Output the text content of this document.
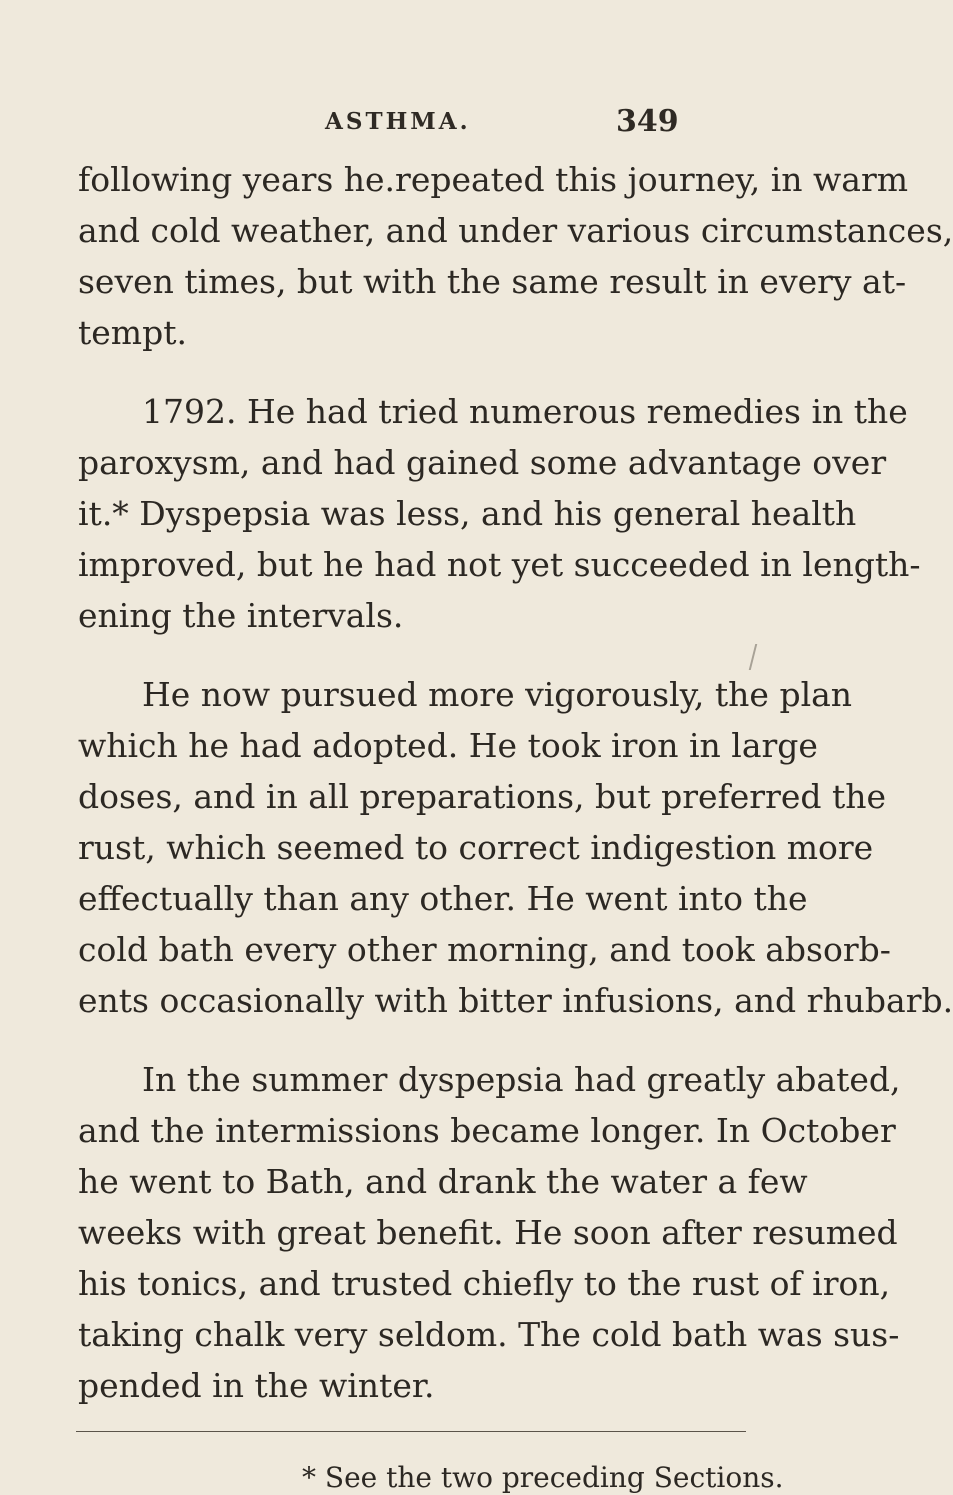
ASTHMA.	349
following years he.repeated this journey, in warm
and cold weather, and under various circumstances,
seven times, but with the same result in every at-
tempt.
1792. He had tried numerous remedies in the
paroxysm, and had gained some advantage over
it.* Dyspepsia was less, and his general health
improved, but he had not yet succeeded in length-
ening the intervals.
He now pursued more vigorously, the plan
which he had adopted. He took iron in large
doses, and in all preparations, but preferred the
rust, which seemed to correct indigestion more
effectually than any other. He went into the
cold bath every other morning, and took absorb-
ents occasionally with bitter infusions, and rhubarb.
* See the two preceding Sections.
In the summer dyspepsia had greatly abated,
and the intermissions became longer. In October
he went to Bath, and drank the water a few
weeks with great benefit. He soon after resumed
his tonics, and trusted chiefly to the rust of iron,
taking chalk very seldom. The cold bath was sus-
pended in the winter.
